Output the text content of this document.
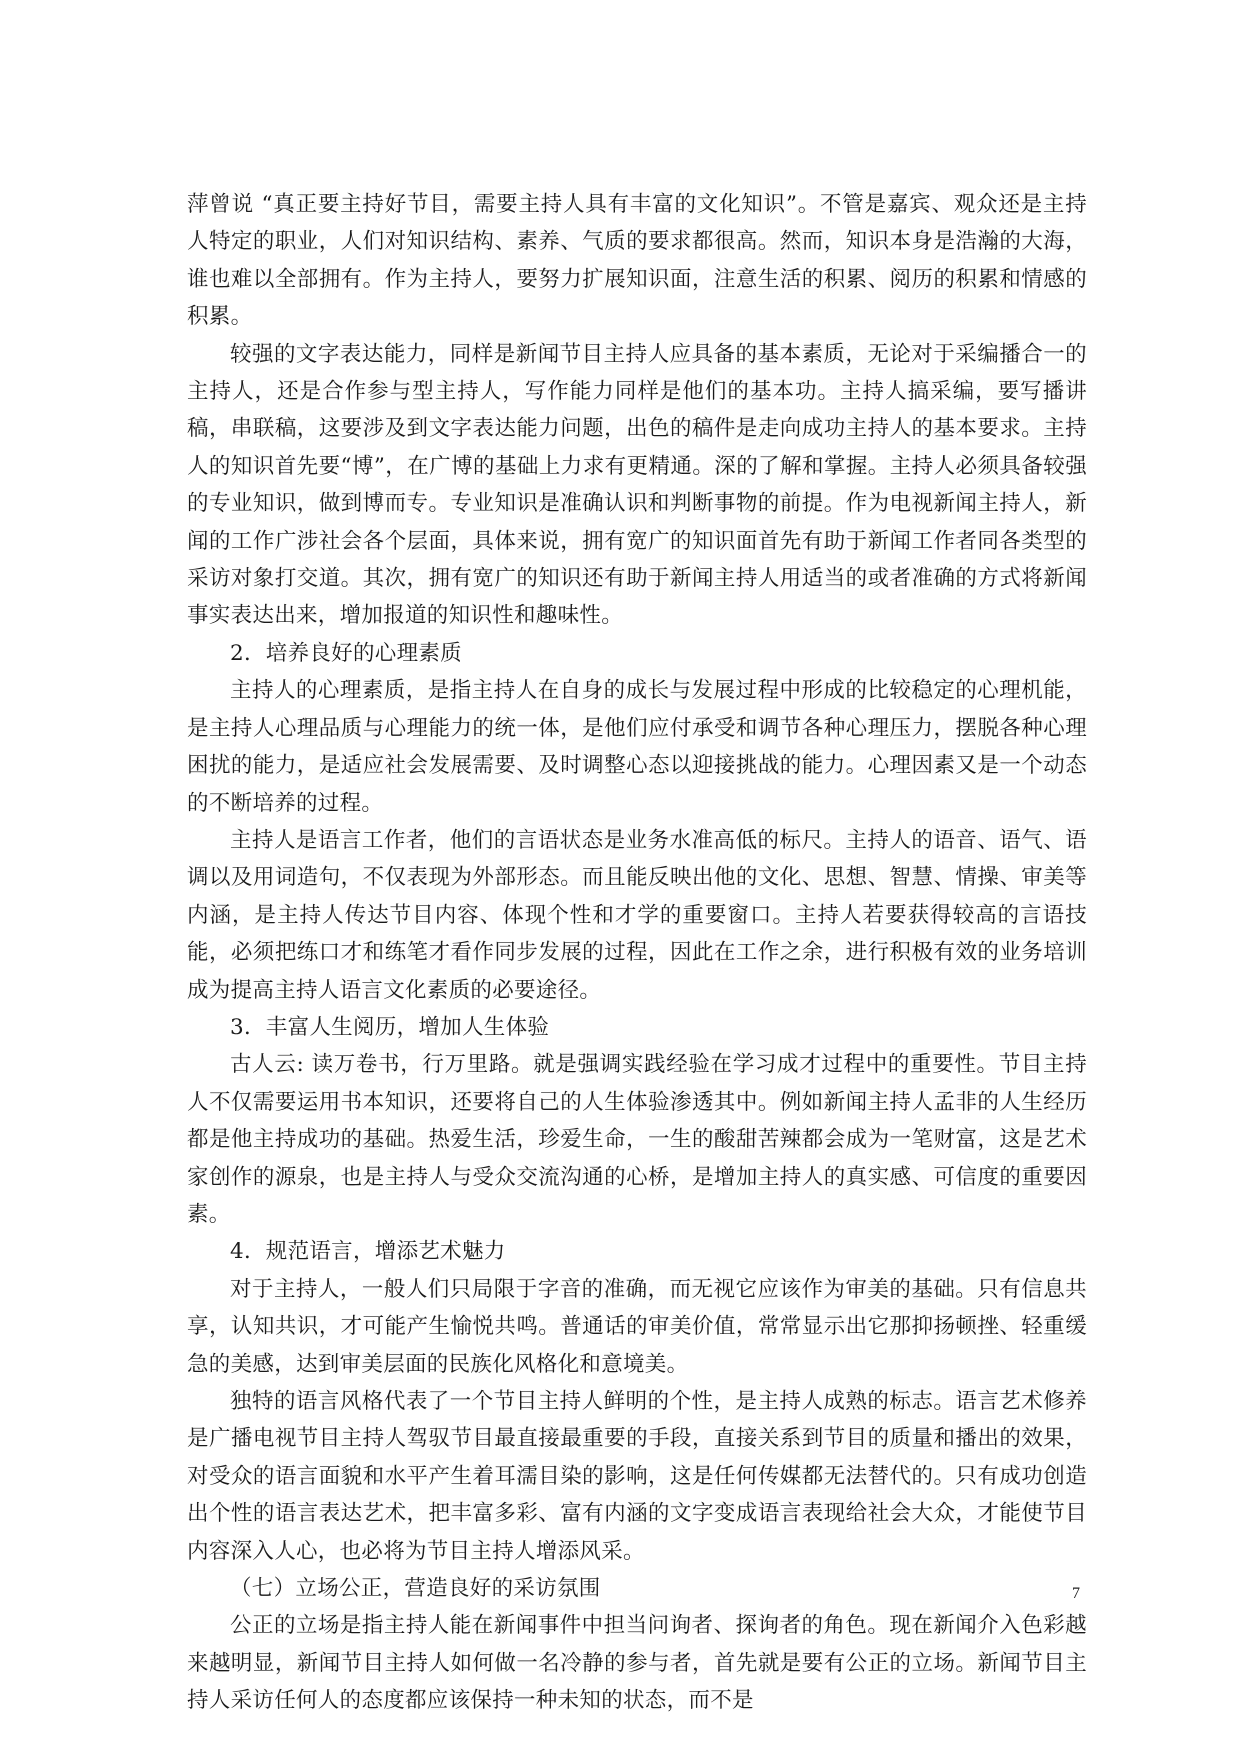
萍曾说 “真正要主持好节目，需要主持人具有丰富的文化知识”。不管是嘉宾、观众还是主持人特定的职业，人们对知识结构、素养、气质的要求都很高。然而，知识本身是浩瀚的大海，谁也难以全部拥有。作为主持人，要努力扩展知识面，注意生活的积累、阅历的积累和情感的积累。

较强的文字表达能力，同样是新闻节目主持人应具备的基本素质，无论对于采编播合一的主持人，还是合作参与型主持人，写作能力同样是他们的基本功。主持人搞采编，要写播讲稿，串联稿，这要涉及到文字表达能力问题，出色的稿件是走向成功主持人的基本要求。主持人的知识首先要“博”，在广博的基础上力求有更精通。深的了解和掌握。主持人必须具备较强的专业知识，做到博而专。专业知识是准确认识和判断事物的前提。作为电视新闻主持人，新闻的工作广涉社会各个层面，具体来说，拥有宽广的知识面首先有助于新闻工作者同各类型的采访对象打交道。其次，拥有宽广的知识还有助于新闻主持人用适当的或者准确的方式将新闻事实表达出来，增加报道的知识性和趣味性。

2．培养良好的心理素质

主持人的心理素质，是指主持人在自身的成长与发展过程中形成的比较稳定的心理机能，是主持人心理品质与心理能力的统一体，是他们应付承受和调节各种心理压力，摆脱各种心理困扰的能力，是适应社会发展需要、及时调整心态以迎接挑战的能力。心理因素又是一个动态的不断培养的过程。

主持人是语言工作者，他们的言语状态是业务水准高低的标尺。主持人的语音、语气、语调以及用词造句，不仅表现为外部形态。而且能反映出他的文化、思想、智慧、情操、审美等内涵，是主持人传达节目内容、体现个性和才学的重要窗口。主持人若要获得较高的言语技能，必须把练口才和练笔才看作同步发展的过程，因此在工作之余，进行积极有效的业务培训成为提高主持人语言文化素质的必要途径。

3．丰富人生阅历，增加人生体验

古人云: 读万卷书，行万里路。就是强调实践经验在学习成才过程中的重要性。节目主持人不仅需要运用书本知识，还要将自己的人生体验渗透其中。例如新闻主持人孟非的人生经历都是他主持成功的基础。热爱生活，珍爱生命，一生的酸甜苦辣都会成为一笔财富，这是艺术家创作的源泉，也是主持人与受众交流沟通的心桥，是增加主持人的真实感、可信度的重要因素。

4．规范语言，增添艺术魅力

对于主持人，一般人们只局限于字音的准确，而无视它应该作为审美的基础。只有信息共享，认知共识，才可能产生愉悦共鸣。普通话的审美价值，常常显示出它那抑扬顿挫、轻重缓急的美感，达到审美层面的民族化风格化和意境美。

独特的语言风格代表了一个节目主持人鲜明的个性，是主持人成熟的标志。语言艺术修养是广播电视节目主持人驾驭节目最直接最重要的手段，直接关系到节目的质量和播出的效果，对受众的语言面貌和水平产生着耳濡目染的影响，这是任何传媒都无法替代的。只有成功创造出个性的语言表达艺术，把丰富多彩、富有内涵的文字变成语言表现给社会大众，才能使节目内容深入人心，也必将为节目主持人增添风采。

（七）立场公正，营造良好的采访氛围

公正的立场是指主持人能在新闻事件中担当问询者、探询者的角色。现在新闻介入色彩越来越明显，新闻节目主持人如何做一名冷静的参与者，首先就是要有公正的立场。新闻节目主持人采访任何人的态度都应该保持一种未知的状态，而不是

7
